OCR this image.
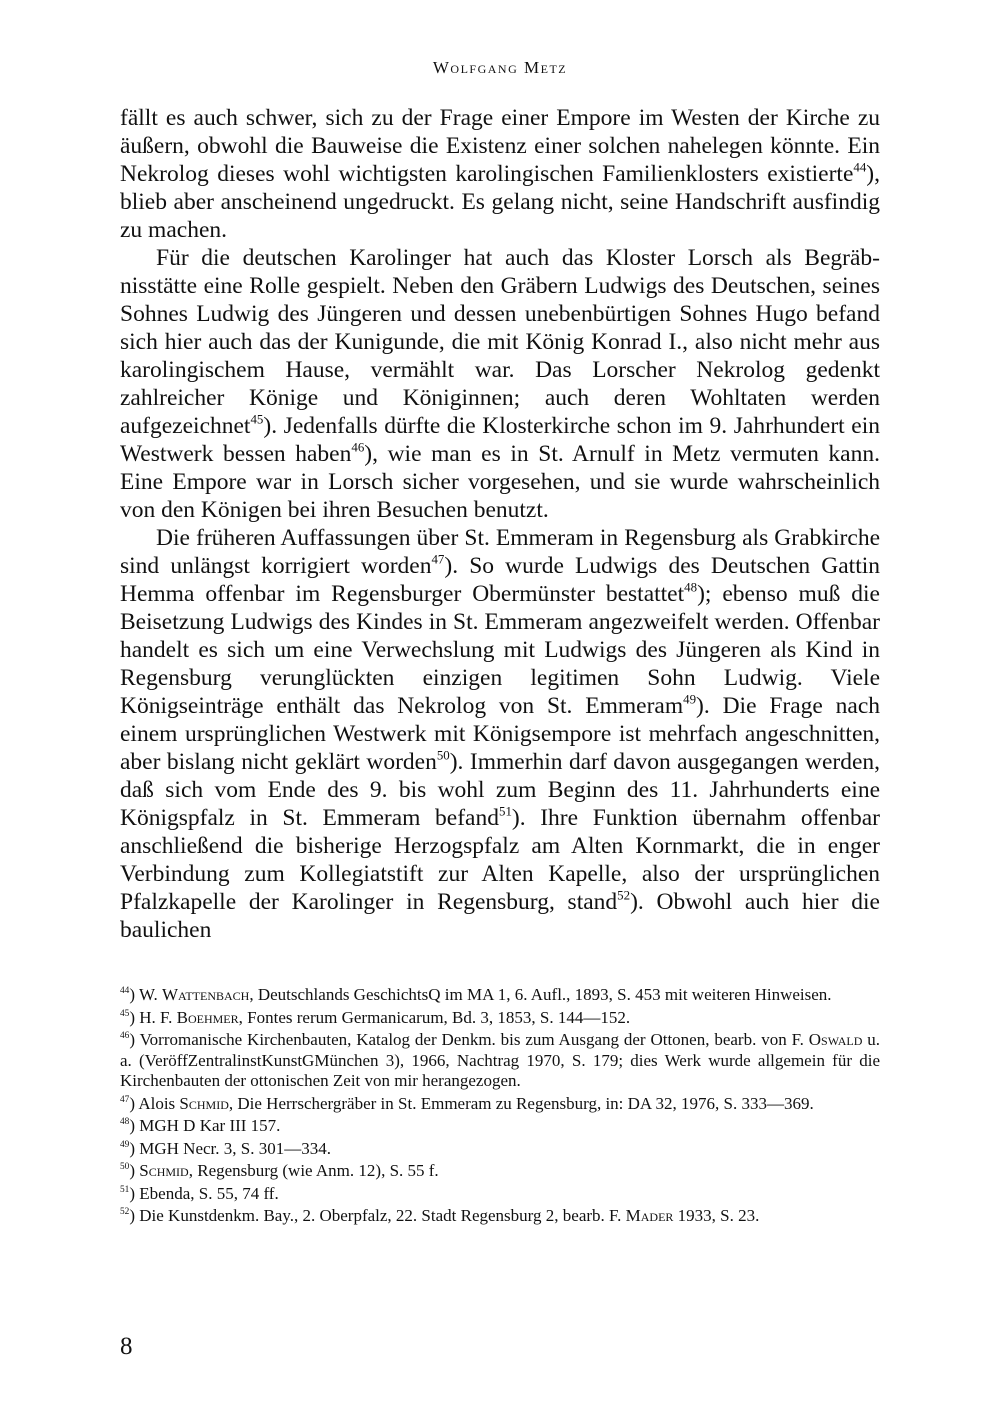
Wolfgang Metz

fällt es auch schwer, sich zu der Frage einer Empore im Westen der Kirche zu äußern, obwohl die Bauweise die Existenz einer solchen nahelegen könnte. Ein Nekrolog dieses wohl wichtigsten karolingischen Familienklosters existierte$^{44}$), blieb aber anscheinend ungedruckt. Es gelang nicht, seine Handschrift ausfindig zu machen.

Für die deutschen Karolinger hat auch das Kloster Lorsch als Begräbnisstätte eine Rolle gespielt. Neben den Gräbern Ludwigs des Deutschen, seines Sohnes Ludwig des Jüngeren und dessen unebenbürtigen Sohnes Hugo befand sich hier auch das der Kunigunde, die mit König Konrad I., also nicht mehr aus karolingischem Hause, vermählt war. Das Lorscher Nekrolog gedenkt zahlreicher Könige und Königinnen; auch deren Wohltaten werden aufgezeichnet$^{45}$). Jedenfalls dürfte die Klosterkirche schon im 9. Jahrhundert ein Westwerk bessen haben$^{46}$), wie man es in St. Arnulf in Metz vermuten kann. Eine Empore war in Lorsch sicher vorgesehen, und sie wurde wahrscheinlich von den Königen bei ihren Besuchen benutzt.

Die früheren Auffassungen über St. Emmeram in Regensburg als Grabkirche sind unlängst korrigiert worden$^{47}$). So wurde Ludwigs des Deutschen Gattin Hemma offenbar im Regensburger Obermünster bestattet$^{48}$); ebenso muß die Beisetzung Ludwigs des Kindes in St. Emmeram angezweifelt werden. Offenbar handelt es sich um eine Verwechslung mit Ludwigs des Jüngeren als Kind in Regensburg verunglückten einzigen legitimen Sohn Ludwig. Viele Königseinträge enthält das Nekrolog von St. Emmeram$^{49}$). Die Frage nach einem ursprünglichen Westwerk mit Königsempore ist mehrfach angeschnitten, aber bislang nicht geklärt worden$^{50}$). Immerhin darf davon ausgegangen werden, daß sich vom Ende des 9. bis wohl zum Beginn des 11. Jahrhunderts eine Königspfalz in St. Emmeram befand$^{51}$). Ihre Funktion übernahm offenbar anschließend die bisherige Herzogspfalz am Alten Kornmarkt, die in enger Verbindung zum Kollegiatstift zur Alten Kapelle, also der ursprünglichen Pfalzkapelle der Karolinger in Regensburg, stand$^{52}$). Obwohl auch hier die baulichen

$^{44}$) W. Wattenbach, Deutschlands GeschichtsQ im MA 1, 6. Aufl., 1893, S. 453 mit weiteren Hinweisen.

$^{45}$) H. F. Boehmer, Fontes rerum Germanicarum, Bd. 3, 1853, S. 144—152.

$^{46}$) Vorromanische Kirchenbauten, Katalog der Denkm. bis zum Ausgang der Ottonen, bearb. von F. Oswald u. a. (VeröffZentralinstKunstGMünchen 3), 1966, Nachtrag 1970, S. 179; dies Werk wurde allgemein für die Kirchenbauten der ottonischen Zeit von mir herangezogen.

$^{47}$) Alois Schmid, Die Herrschergräber in St. Emmeram zu Regensburg, in: DA 32, 1976, S. 333—369.

$^{48}$) MGH D Kar III 157.

$^{49}$) MGH Necr. 3, S. 301—334.

$^{50}$) Schmid, Regensburg (wie Anm. 12), S. 55 f.

$^{51}$) Ebenda, S. 55, 74 ff.

$^{52}$) Die Kunstdenkm. Bay., 2. Oberpfalz, 22. Stadt Regensburg 2, bearb. F. Mader 1933, S. 23.

8
